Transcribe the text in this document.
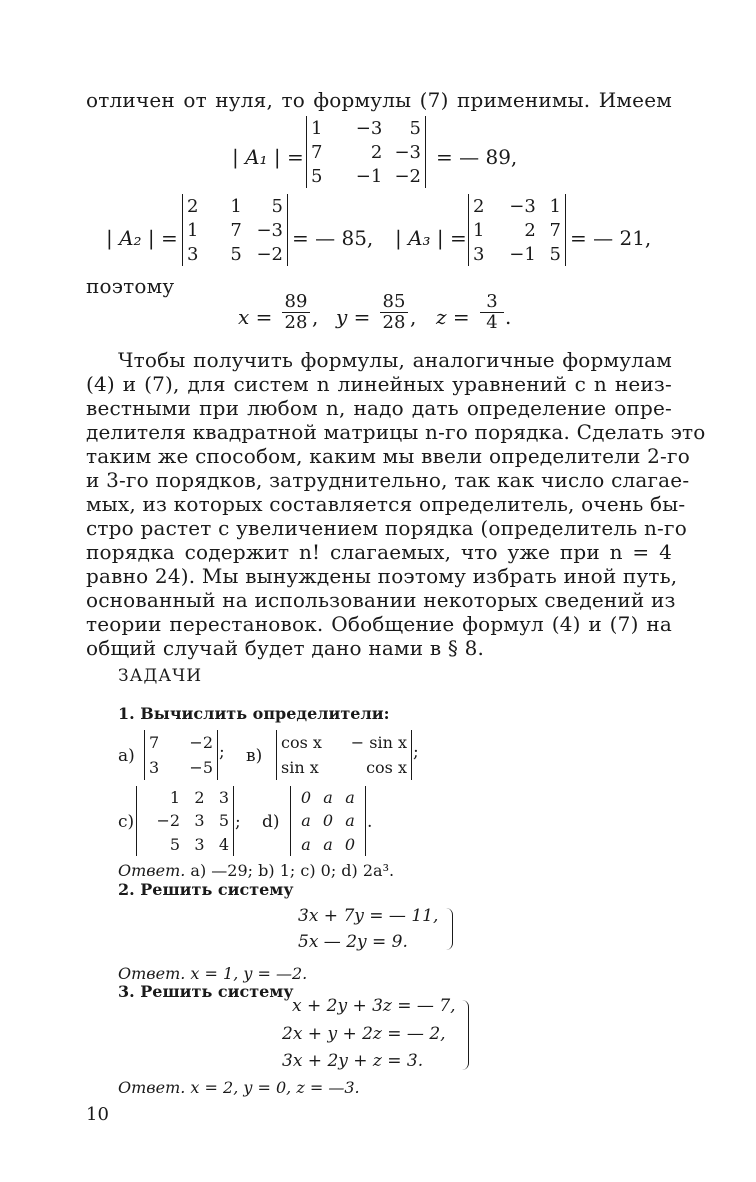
отличен от нуля, то формулы (7) применимы. Имеем
| A₁ | =
1	−3	5
7	2 −3
5	−1 −2
= — 89,
| A₂ | =
2	1	5
1	7 −3
3	5 −2
= — 85, | A₃ | =
2	−3 1
1	2 7
3	−1 5
= — 21,
поэтому
$x = \frac{89}{28}$ , $y = \frac{85}{28}$ , $z = \frac{3}{4}$ .
Чтобы получить формулы, аналогичные формулам
(4) и (7), для систем n линейных уравнений с n неиз-
вестными при любом n, надо дать определение опре-
делителя квадратной матрицы n-го порядка. Сделать это
таким же способом, каким мы ввели определители 2-го
и 3-го порядков, затруднительно, так как число слагае-
мых, из которых составляется определитель, очень бы-
стро растет с увеличением порядка (определитель n-го
порядка содержит n! слагаемых, что уже при n = 4
равно 24). Мы вынуждены поэтому избрать иной путь,
основанный на использовании некоторых сведений из
теории перестановок. Обобщение формул (4) и (7) на
общий случай будет дано нами в § 8.
ЗАДАЧИ
1. Вычислить определители:
а)
7	−2
3	−5
; в)
cos x	− sin x
sin x	cos x
;
c)
1 2 3
−2 3 5
5 3 4
; d)
0 a a
a 0 a
a a 0
.
Ответ. а) —29; b) 1; c) 0; d) 2a³.
2. Решить систему
3x + 7y = — 11,
5x — 2y = 9.
Ответ. x = 1, y = —2.
3. Решить систему
x + 2y + 3z = — 7,
2x + y + 2z = — 2,
3x + 2y + z = 3.
Ответ. x = 2, y = 0, z = —3.
10
